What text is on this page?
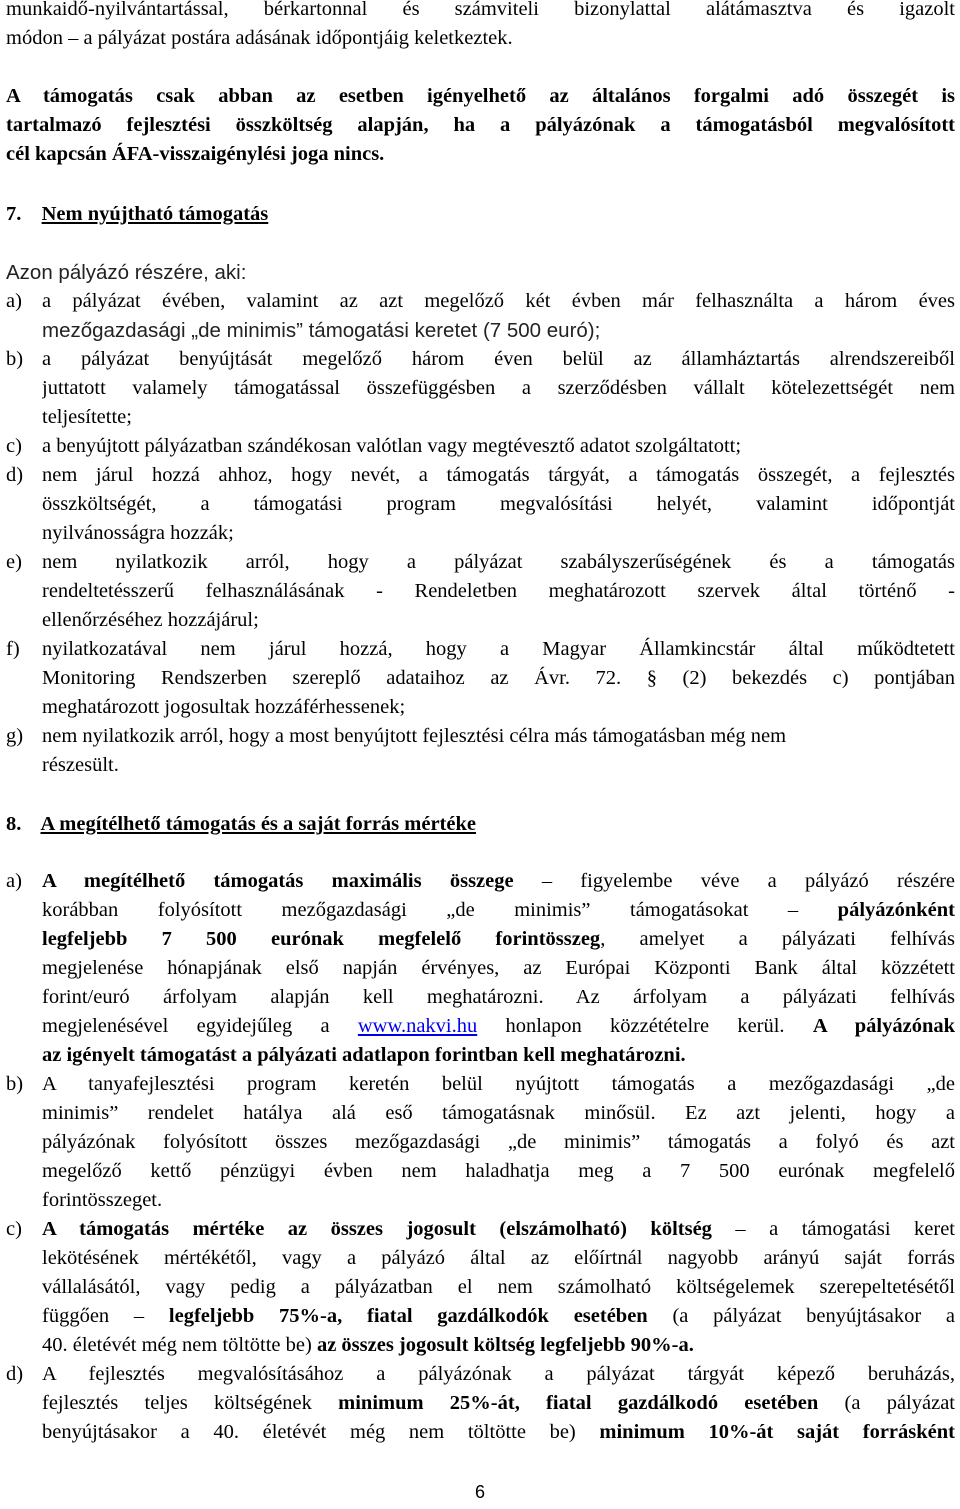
munkaidő-nyilvántartással, bérkartonnal és számviteli bizonylattal alátámasztva és igazolt
módon – a pályázat postára adásának időpontjáig keletkeztek.
A támogatás csak abban az esetben igényelhető az általános forgalmi adó összegét is
tartalmazó fejlesztési összköltség alapján, ha a pályázónak a támogatásból megvalósított
cél kapcsán ÁFA-visszaigénylési joga nincs.
7. Nem nyújtható támogatás
Azon pályázó részére, aki:
a) a pályázat évében, valamint az azt megelőző két évben már felhasználta a három éves
mezőgazdasági „de minimis” támogatási keretet (7 500 euró);
b) a pályázat benyújtását megelőző három éven belül az államháztartás alrendszereiből
juttatott valamely támogatással összefüggésben a szerződésben vállalt kötelezettségét nem
teljesítette;
c) a benyújtott pályázatban szándékosan valótlan vagy megtévesztő adatot szolgáltatott;
d) nem járul hozzá ahhoz, hogy nevét, a támogatás tárgyát, a támogatás összegét, a fejlesztés
összköltségét, a támogatási program megvalósítási helyét, valamint időpontját
nyilvánosságra hozzák;
e) nem nyilatkozik arról, hogy a pályázat szabályszerűségének és a támogatás
rendeltetésszerű felhasználásának - Rendeletben meghatározott szervek által történő -
ellenőrzéséhez hozzájárul;
f) nyilatkozatával nem járul hozzá, hogy a Magyar Államkincstár által működtetett
Monitoring Rendszerben szereplő adataihoz az Ávr. 72. § (2) bekezdés c) pontjában
meghatározott jogosultak hozzáférhessenek;
g) nem nyilatkozik arról, hogy a most benyújtott fejlesztési célra más támogatásban még nem
részesült.
8. A megítélhető támogatás és a saját forrás mértéke
a) A megítélhető támogatás maximális összege – figyelembe véve a pályázó részére
korábban folyósított mezőgazdasági „de minimis” támogatásokat – pályázónként
legfeljebb 7 500 eurónak megfelelő forintösszeg, amelyet a pályázati felhívás
megjelenése hónapjának első napján érvényes, az Európai Központi Bank által közzétett
forint/euró árfolyam alapján kell meghatározni. Az árfolyam a pályázati felhívás
megjelenésével egyidejűleg a www.nakvi.hu honlapon közzétételre kerül. A pályázónak
az igényelt támogatást a pályázati adatlapon forintban kell meghatározni.
b) A tanyafejlesztési program keretén belül nyújtott támogatás a mezőgazdasági „de
minimis” rendelet hatálya alá eső támogatásnak minősül. Ez azt jelenti, hogy a
pályázónak folyósított összes mezőgazdasági „de minimis” támogatás a folyó és azt
megelőző kettő pénzügyi évben nem haladhatja meg a 7 500 eurónak megfelelő
forintösszeget.
c) A támogatás mértéke az összes jogosult (elszámolható) költség – a támogatási keret
lekötésének mértékétől, vagy a pályázó által az előírtnál nagyobb arányú saját forrás
vállalásától, vagy pedig a pályázatban el nem számolható költségelemek szerepeltetésétől
függően – legfeljebb 75%-a, fiatal gazdálkodók esetében (a pályázat benyújtásakor a
40. életévét még nem töltötte be) az összes jogosult költség legfeljebb 90%-a.
d) A fejlesztés megvalósításához a pályázónak a pályázat tárgyát képező beruházás,
fejlesztés teljes költségének minimum 25%-át, fiatal gazdálkodó esetében (a pályázat
benyújtásakor a 40. életévét még nem töltötte be) minimum 10%-át saját forrásként
6
